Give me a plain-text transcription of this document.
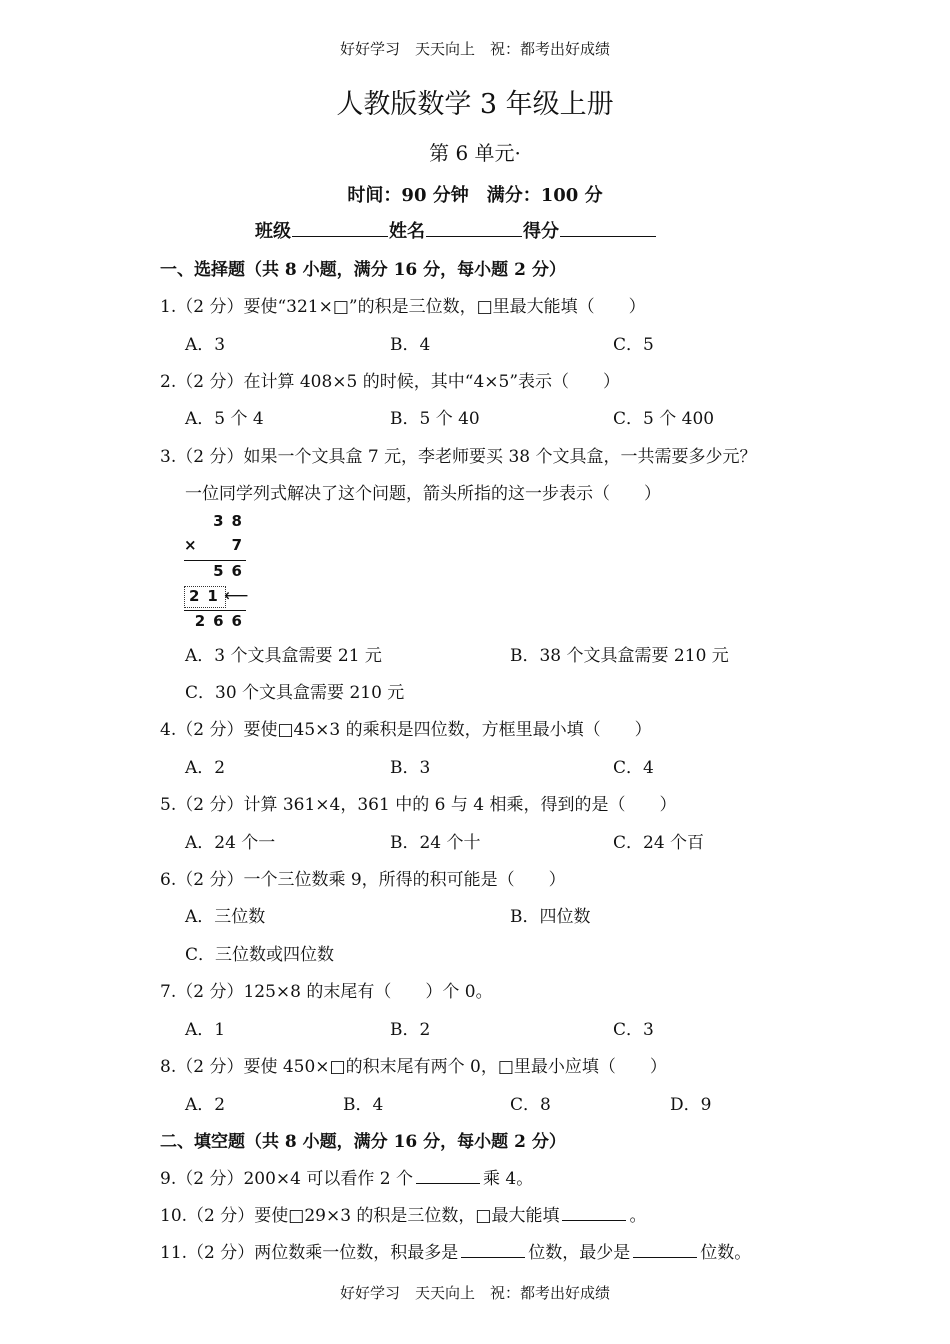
好好学习　天天向上　祝：都考出好成绩
人教版数学 3 年级上册
第 6 单元·
时间：90 分钟　满分：100 分
班级	姓名	得分
一、选择题（共 8 小题，满分 16 分，每小题 2 分）
1.（2 分）要使“321×□”的积是三位数，□里最大能填（　　）
A．3	B．4	C．5
2.（2 分）在计算 408×5 的时候，其中“4×5”表示（　　）
A．5 个 4	B．5 个 40	C．5 个 400
3.（2 分）如果一个文具盒 7 元，李老师要买 38 个文具盒，一共需要多少元？
一位同学列式解决了这个问题，箭头所指的这一步表示（　　）
38
× 7
56
21
⟵
266
A．3 个文具盒需要 21 元	B．38 个文具盒需要 210 元
C．30 个文具盒需要 210 元
4.（2 分）要使□45×3 的乘积是四位数，方框里最小填（　　）
A．2	B．3	C．4
5.（2 分）计算 361×4，361 中的 6 与 4 相乘，得到的是（　　）
A．24 个一	B．24 个十	C．24 个百
6.（2 分）一个三位数乘 9，所得的积可能是（　　）
A．三位数	B．四位数
C．三位数或四位数
7.（2 分）125×8 的末尾有（　　）个 0。
A．1	B．2	C．3
8.（2 分）要使 450×□的积末尾有两个 0，□里最小应填（　　）
A．2	B．4	C．8	D．9
二、填空题（共 8 小题，满分 16 分，每小题 2 分）
9.（2 分）200×4 可以看作 2 个	乘 4。
10.（2 分）要使□29×3 的积是三位数，□最大能填	。
11.（2 分）两位数乘一位数，积最多是	位数，最少是	位数。
好好学习　天天向上　祝：都考出好成绩
